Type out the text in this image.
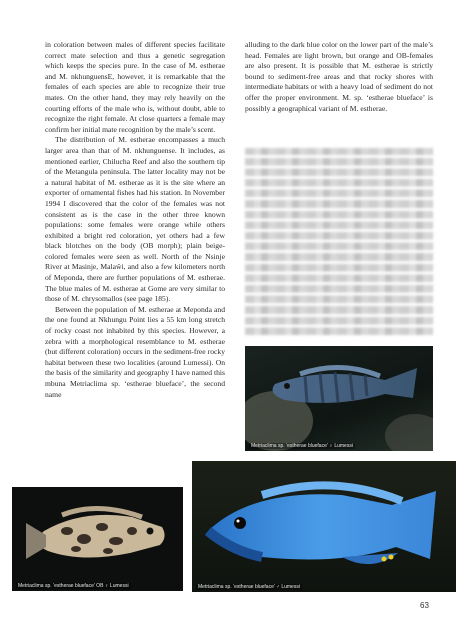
in coloration between males of different species facilitate correct mate selection and thus a genetic segregation which keeps the species pure. In the case of M. estherae and M. nkhunguensE, however, it is remarkable that the females of each species are able to recognize their true mates. On the other hand, they may rely heavily on the courting efforts of the male who is, without doubt, able to recognize the right female. At close quarters a female may confirm her initial mate recognition by the male’s scent.

The distribution of M. estherae encompasses a much larger area than that of M. nkhunguense. It includes, as mentioned earlier, Chilucha Reef and also the southern tip of the Metangula peninsula. The latter locality may not be a natural habitat of M. estherae as it is the site where an exporter of ornamental fishes had his station. In November 1994 I discovered that the color of the females was not consistent as is the case in the other three known populations: some females were orange while others exhibited a bright red coloration, yet others had a few black blotches on the body (OB morph); plain beige-colored females were seen as well. North of the Nsinje River at Masinje, Malaŵi, and also a few kilometers north of Meponda, there are further populations of M. estherae. The blue males of M. estherae at Gome are very similar to those of M. chrysomallos (see page 185).

Between the population of M. estherae at Meponda and the one found at Nkhungu Point lies a 55 km long stretch of rocky coast not inhabited by this species. However, a zebra with a morphological resemblance to M. estherae (but different coloration) occurs in the sediment-free rocky habitat between these two localities (around Lumessi). On the basis of the similarity and geography I have named this mbuna Metriaclima sp. ‘estherae blueface’, the second name

alluding to the dark blue color on the lower part of the male’s head. Females are light brown, but orange and OB-females are also present. It is possible that M. estherae is strictly bound to sediment-free areas and that rocky shores with intermediate habitats or with a heavy load of sediment do not offer the proper environment. M. sp. ‘estherae blueface’ is possibly a geographical variant of M. estherae.

Metriaclima sp. ‘estherae blueface’ ♀ Lumessi
Metriaclima sp. ‘estherae blueface’ OB ♀ Lumessi	Metriaclima sp. ‘estherae blueface’ ♂ Lumessi
63
